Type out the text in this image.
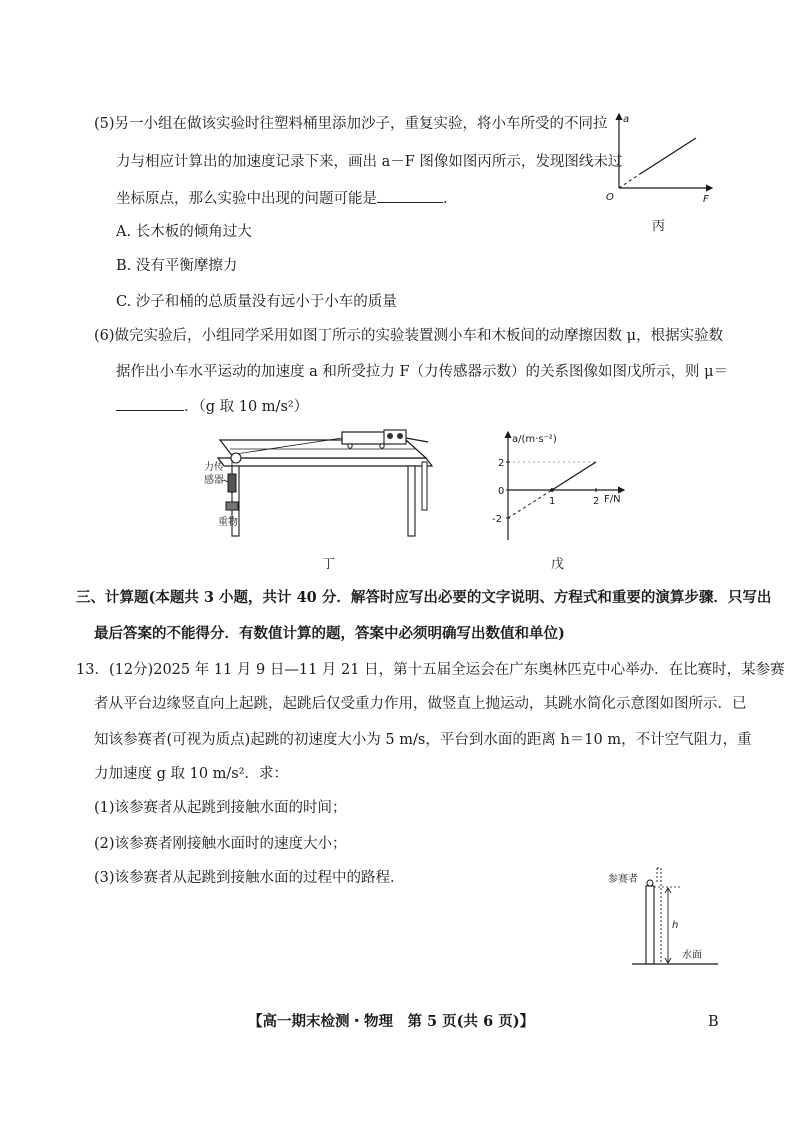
(5)另一小组在做该实验时往塑料桶里添加沙子，重复实验，将小车所受的不同拉
力与相应计算出的加速度记录下来，画出 a－F 图像如图丙所示，发现图线未过
坐标原点，那么实验中出现的问题可能是	．
A. 长木板的倾角过大
B. 没有平衡摩擦力
C. 沙子和桶的总质量没有远小于小车的质量
a
F
O
丙
(6)做完实验后，小组同学采用如图丁所示的实验装置测小车和木板间的动摩擦因数 μ，根据实验数
据作出小车水平运动的加速度 a 和所受拉力 F（力传感器示数）的关系图像如图戊所示，则 μ＝
．（g 取 10 m/s²）
力传
感器
重物
丁
1	2
2
0
-2
a/(m·s⁻²)
F/N
戊
三、计算题(本题共 3 小题，共计 40 分．解答时应写出必要的文字说明、方程式和重要的演算步骤．只写出
最后答案的不能得分．有数值计算的题，答案中必须明确写出数值和单位)
13．(12分)2025 年 11 月 9 日—11 月 21 日，第十五届全运会在广东奥林匹克中心举办．在比赛时，某参赛
者从平台边缘竖直向上起跳，起跳后仅受重力作用，做竖直上抛运动，其跳水简化示意图如图所示．已
知该参赛者(可视为质点)起跳的初速度大小为 5 m/s，平台到水面的距离 h＝10 m，不计空气阻力，重
力加速度 g 取 10 m/s²．求：
(1)该参赛者从起跳到接触水面的时间；
(2)该参赛者刚接触水面时的速度大小；
(3)该参赛者从起跳到接触水面的过程中的路程．	参赛者
h
水面
【高一期末检测・物理　第 5 页(共 6 页)】	B
